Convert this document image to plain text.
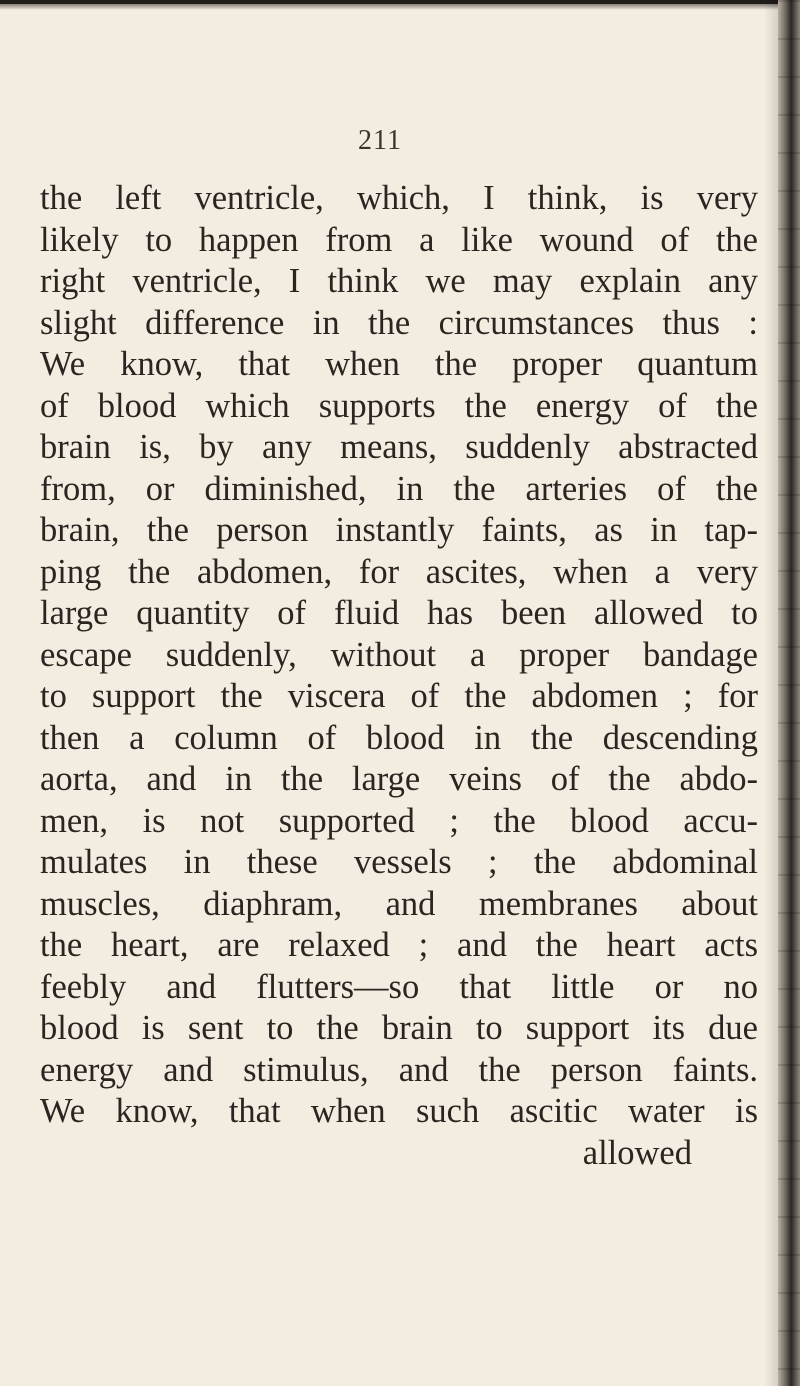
211
the left ventricle, which, I think, is very
likely to happen from a like wound of the
right ventricle, I think we may explain any
slight difference in the circumstances thus :
We know, that when the proper quantum
of blood which supports the energy of the
brain is, by any means, suddenly abstracted
from, or diminished, in the arteries of the
brain, the person instantly faints, as in tap-
ping the abdomen, for ascites, when a very
large quantity of fluid has been allowed to
escape suddenly, without a proper bandage
to support the viscera of the abdomen ; for
then a column of blood in the descending
aorta, and in the large veins of the abdo-
men, is not supported ; the blood accu-
mulates in these vessels ; the abdominal
muscles, diaphram, and membranes about
the heart, are relaxed ; and the heart acts
feebly and flutters—so that little or no
blood is sent to the brain to support its due
energy and stimulus, and the person faints.
We know, that when such ascitic water is
allowed
